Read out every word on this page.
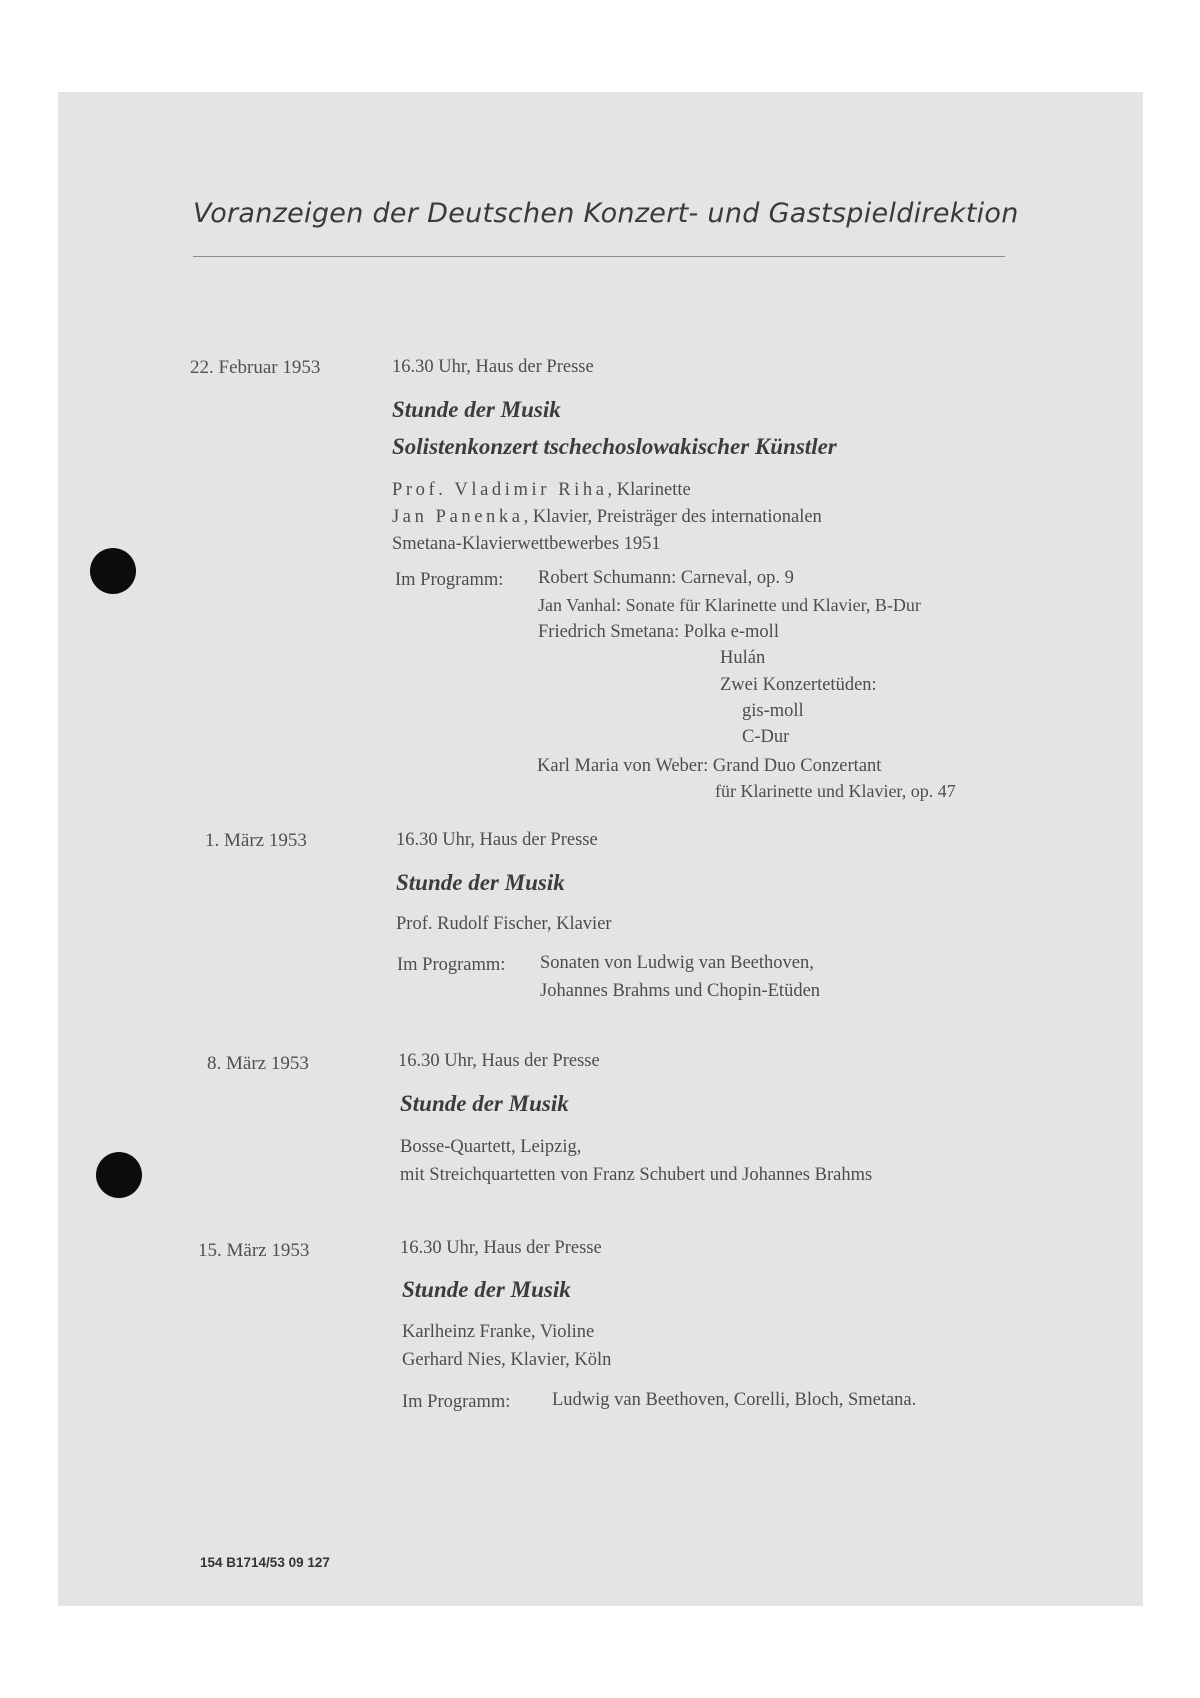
Voranzeigen der Deutschen Konzert- und Gastspieldirektion
22. Februar 1953	16.30 Uhr, Haus der Presse
Stunde der Musik
Solistenkonzert tschechoslowakischer Künstler
Prof. Vladimir Riha, Klarinette
Jan Panenka, Klavier, Preisträger des internationalen
Smetana-Klavierwettbewerbes 1951
Im Programm: Robert Schumann: Carneval, op. 9
Jan Vanhal: Sonate für Klarinette und Klavier, B-Dur
Friedrich Smetana: Polka e-moll
Hulán
Zwei Konzertetüden:
gis-moll
C-Dur
Karl Maria von Weber: Grand Duo Conzertant
für Klarinette und Klavier, op. 47
1. März 1953	16.30 Uhr, Haus der Presse
Stunde der Musik
Prof. Rudolf Fischer, Klavier
Im Programm: Sonaten von Ludwig van Beethoven,
Johannes Brahms und Chopin-Etüden
8. März 1953	16.30 Uhr, Haus der Presse
Stunde der Musik
Bosse-Quartett, Leipzig,
mit Streichquartetten von Franz Schubert und Johannes Brahms
15. März 1953	16.30 Uhr, Haus der Presse
Stunde der Musik
Karlheinz Franke, Violine
Gerhard Nies, Klavier, Köln
Im Programm: Ludwig van Beethoven, Corelli, Bloch, Smetana.
154 B1714/53 09 127
